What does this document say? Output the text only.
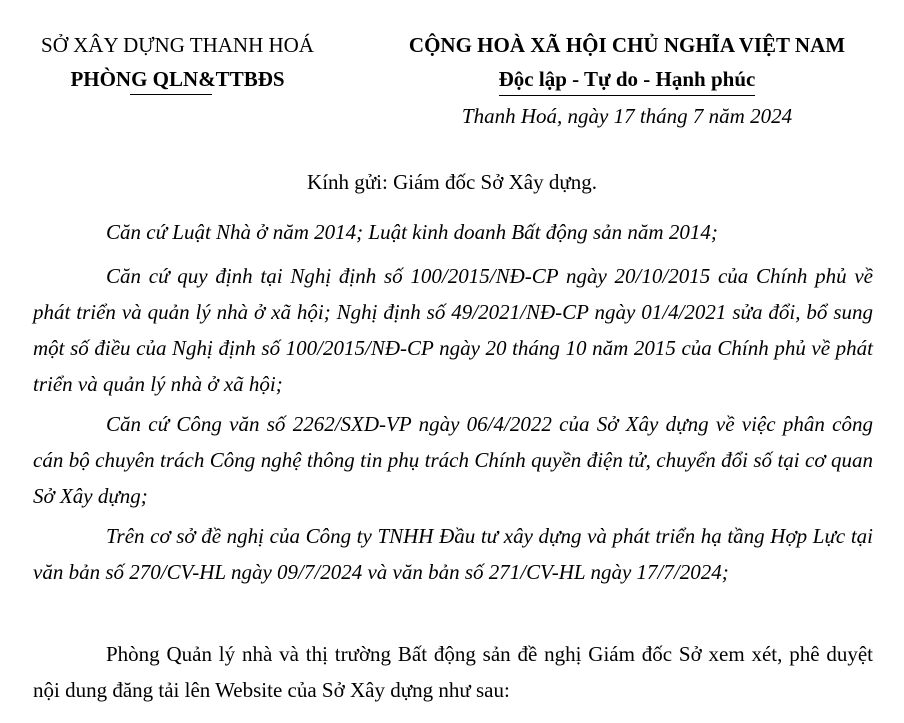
SỞ XÂY DỰNG THANH HOÁ
PHÒNG QLN&TTBĐS
CỘNG HOÀ XÃ HỘI CHỦ NGHĨA VIỆT NAM
Độc lập - Tự do - Hạnh phúc
Thanh Hoá, ngày 17 tháng 7 năm 2024
Kính gửi: Giám đốc Sở Xây dựng.

Căn cứ Luật Nhà ở năm 2014; Luật kinh doanh Bất động sản năm 2014;

Căn cứ quy định tại Nghị định số 100/2015/NĐ-CP ngày 20/10/2015 của Chính phủ về phát triển và quản lý nhà ở xã hội; Nghị định số 49/2021/NĐ-CP ngày 01/4/2021 sửa đổi, bổ sung một số điều của Nghị định số 100/2015/NĐ-CP ngày 20 tháng 10 năm 2015 của Chính phủ về phát triển và quản lý nhà ở xã hội;

Căn cứ Công văn số 2262/SXD-VP ngày 06/4/2022 của Sở Xây dựng về việc phân công cán bộ chuyên trách Công nghệ thông tin phụ trách Chính quyền điện tử, chuyển đổi số tại cơ quan Sở Xây dựng;

Trên cơ sở đề nghị của Công ty TNHH Đầu tư xây dựng và phát triển hạ tầng Hợp Lực tại văn bản số 270/CV-HL ngày 09/7/2024 và văn bản số 271/CV-HL ngày 17/7/2024;

Phòng Quản lý nhà và thị trường Bất động sản đề nghị Giám đốc Sở xem xét, phê duyệt nội dung đăng tải lên Website của Sở Xây dựng như sau:
